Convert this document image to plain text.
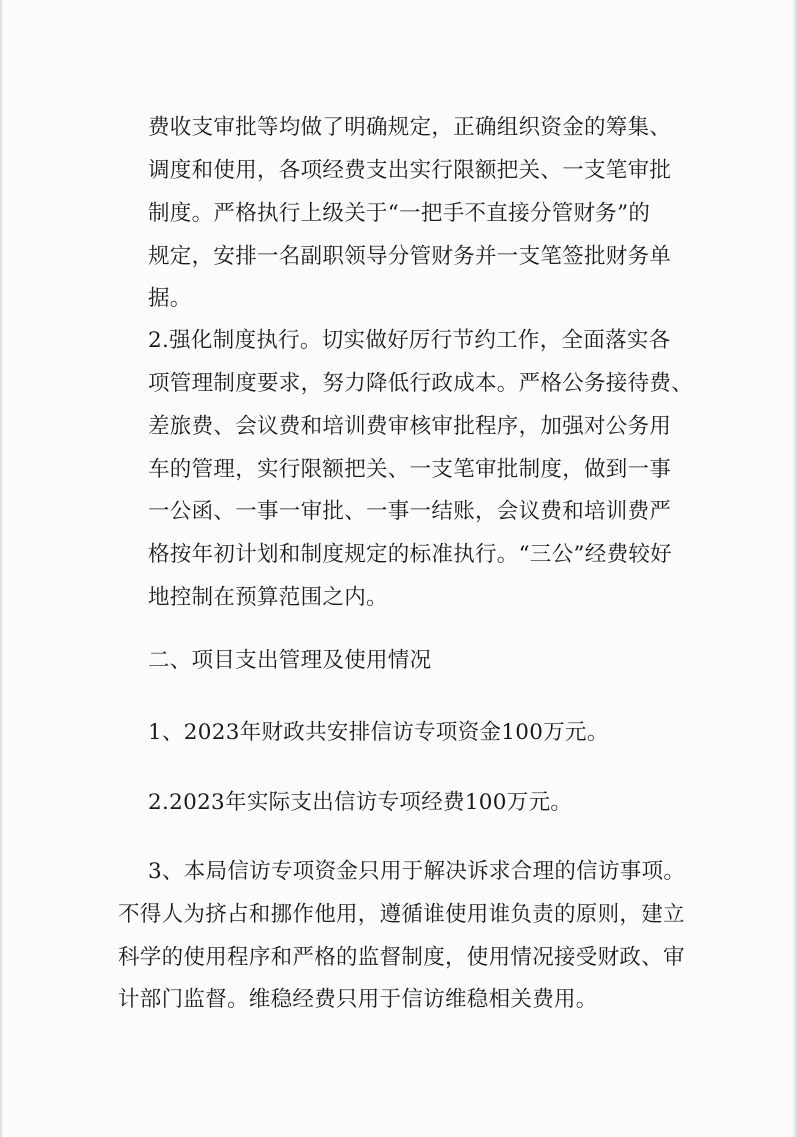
费收支审批等均做了明确规定，正确组织资金的筹集、
调度和使用，各项经费支出实行限额把关、一支笔审批
制度。严格执行上级关于“一把手不直接分管财务”的
规定，安排一名副职领导分管财务并一支笔签批财务单
据。
2.强化制度执行。切实做好厉行节约工作，全面落实各
项管理制度要求，努力降低行政成本。严格公务接待费、
差旅费、会议费和培训费审核审批程序，加强对公务用
车的管理，实行限额把关、一支笔审批制度，做到一事
一公函、一事一审批、一事一结账，会议费和培训费严
格按年初计划和制度规定的标准执行。“三公”经费较好
地控制在预算范围之内。
二、项目支出管理及使用情况
1、2023年财政共安排信访专项资金100万元。
2.2023年实际支出信访专项经费100万元。
3、本局信访专项资金只用于解决诉求合理的信访事项。
不得人为挤占和挪作他用，遵循谁使用谁负责的原则，建立
科学的使用程序和严格的监督制度，使用情况接受财政、审
计部门监督。维稳经费只用于信访维稳相关费用。
